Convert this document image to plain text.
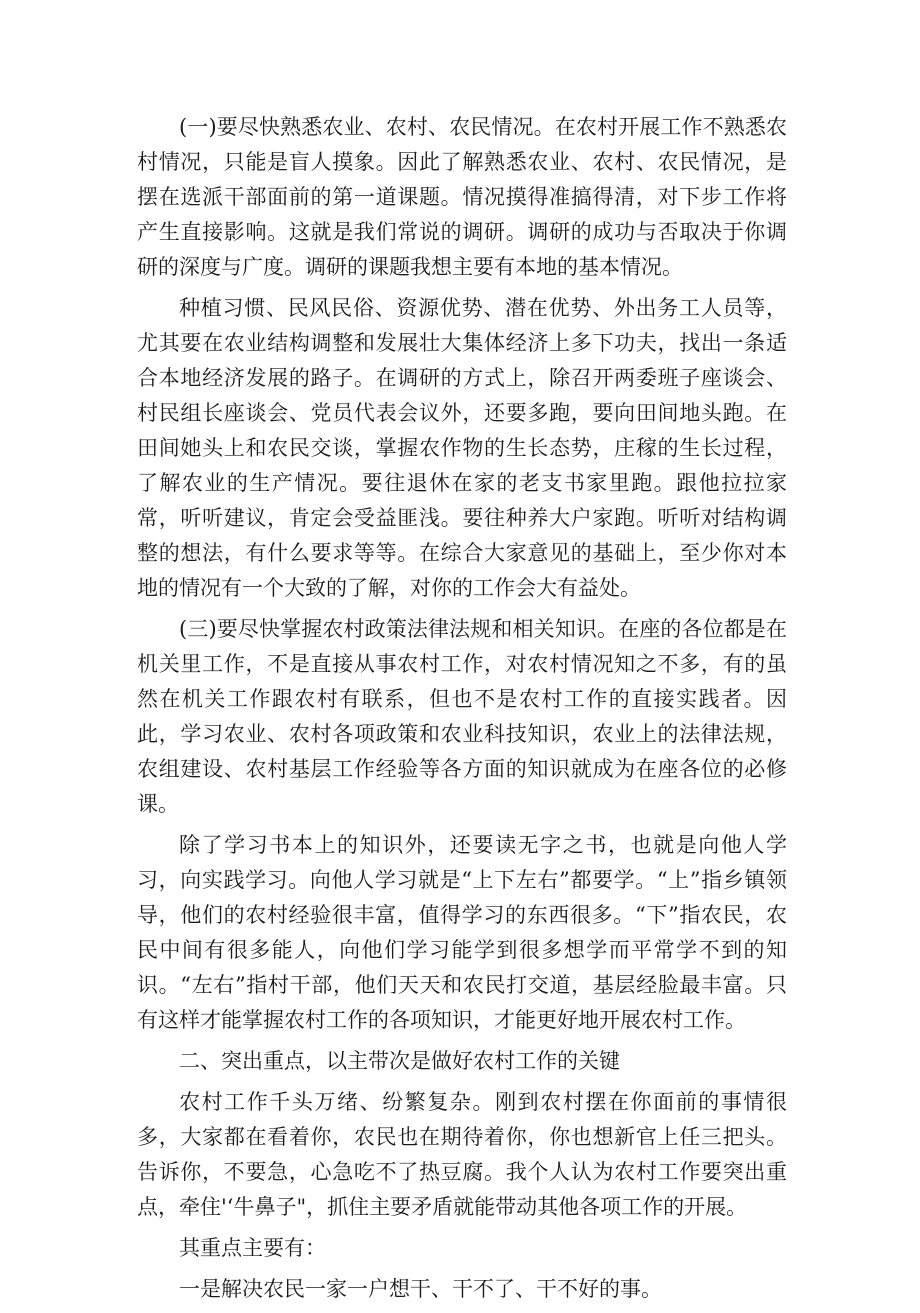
(一)要尽快熟悉农业、农村、农民情况。在农村开展工作不熟悉农村情况，只能是盲人摸象。因此了解熟悉农业、农村、农民情况，是摆在选派干部面前的第一道课题。情况摸得准搞得清，对下步工作将产生直接影响。这就是我们常说的调研。调研的成功与否取决于你调研的深度与广度。调研的课题我想主要有本地的基本情况。

种植习惯、民风民俗、资源优势、潜在优势、外出务工人员等，尤其要在农业结构调整和发展壮大集体经济上多下功夫，找出一条适合本地经济发展的路子。在调研的方式上，除召开两委班子座谈会、村民组长座谈会、党员代表会议外，还要多跑，要向田间地头跑。在田间她头上和农民交谈，掌握农作物的生长态势，庄稼的生长过程，了解农业的生产情况。要往退休在家的老支书家里跑。跟他拉拉家常，听听建议，肯定会受益匪浅。要往种养大户家跑。听听对结构调整的想法，有什么要求等等。在综合大家意见的基础上，至少你对本地的情况有一个大致的了解，对你的工作会大有益处。

(三)要尽快掌握农村政策法律法规和相关知识。在座的各位都是在机关里工作，不是直接从事农村工作，对农村情况知之不多，有的虽然在机关工作跟农村有联系，但也不是农村工作的直接实践者。因此，学习农业、农村各项政策和农业科技知识，农业上的法律法规，农组建设、农村基层工作经验等各方面的知识就成为在座各位的必修课。

除了学习书本上的知识外，还要读无字之书，也就是向他人学习，向实践学习。向他人学习就是“上下左右”都要学。“上”指乡镇领导，他们的农村经验很丰富，值得学习的东西很多。“下”指农民，农民中间有很多能人，向他们学习能学到很多想学而平常学不到的知识。“左右”指村干部，他们天天和农民打交道，基层经脸最丰富。只有这样才能掌握农村工作的各项知识，才能更好地开展农村工作。

二、突出重点，以主带次是做好农村工作的关键

农村工作千头万绪、纷繁复杂。刚到农村摆在你面前的事情很多，大家都在看着你，农民也在期待着你，你也想新官上任三把头。告诉你，不要急，心急吃不了热豆腐。我个人认为农村工作要突出重点，牵住'‘牛鼻子"，抓住主要矛盾就能带动其他各项工作的开展。

其重点主要有：

一是解决农民一家一户想干、干不了、干不好的事。
